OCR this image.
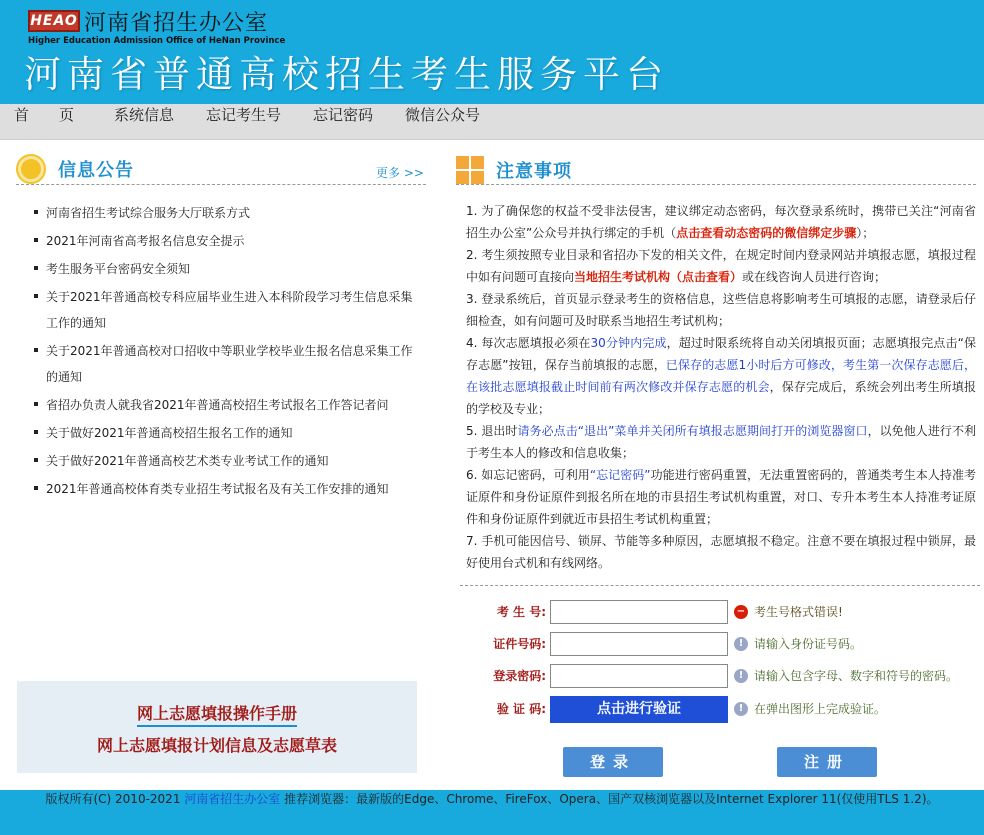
HEAO 河南省招生办公室
Higher Education Admission Office of HeNan Province
河南省普通高校招生考生服务平台
首　　页	系统信息 忘记考生号 忘记密码 微信公众号
信息公告	更多 >>
河南省招生考试综合服务大厅联系方式
2021年河南省高考报名信息安全提示
考生服务平台密码安全须知
关于2021年普通高校专科应届毕业生进入本科阶段学习考生信息采集工作的通知
关于2021年普通高校对口招收中等职业学校毕业生报名信息采集工作的通知
省招办负责人就我省2021年普通高校招生考试报名工作答记者问
关于做好2021年普通高校招生报名工作的通知
关于做好2021年普通高校艺术类专业考试工作的通知
2021年普通高校体育类专业招生考试报名及有关工作安排的通知
网上志愿填报操作手册
网上志愿填报计划信息及志愿草表
注意事项
1. 为了确保您的权益不受非法侵害，建议绑定动态密码，每次登录系统时，携带已关注“河南省招生办公室”公众号并执行绑定的手机（点击查看动态密码的微信绑定步骤）；
2. 考生须按照专业目录和省招办下发的相关文件，在规定时间内登录网站并填报志愿，填报过程中如有问题可直接向当地招生考试机构（点击查看）或在线咨询人员进行咨询；
3. 登录系统后，首页显示登录考生的资格信息，这些信息将影响考生可填报的志愿，请登录后仔细检查，如有问题可及时联系当地招生考试机构；
4. 每次志愿填报必须在30分钟内完成，超过时限系统将自动关闭填报页面；志愿填报完点击“保存志愿”按钮，保存当前填报的志愿，已保存的志愿1小时后方可修改，考生第一次保存志愿后，在该批志愿填报截止时间前有两次修改并保存志愿的机会，保存完成后，系统会列出考生所填报的学校及专业；
5. 退出时请务必点击“退出”菜单并关闭所有填报志愿期间打开的浏览器窗口，以免他人进行不利于考生本人的修改和信息收集；
6. 如忘记密码，可利用“忘记密码”功能进行密码重置，无法重置密码的，普通类考生本人持准考证原件和身份证原件到报名所在地的市县招生考试机构重置，对口、专升本考生本人持准考证原件和身份证原件到就近市县招生考试机构重置；
7. 手机可能因信号、锁屏、节能等多种原因，志愿填报不稳定。注意不要在填报过程中锁屏，最好使用台式机和有线网络。
考 生 号:	− 考生号格式错误!
证件号码:	! 请输入身份证号码。
登录密码:	! 请输入包含字母、数字和符号的密码。
验 证 码:	点击进行验证	! 在弹出图形上完成验证。
登录	注册
版权所有(C) 2010-2021 河南省招生办公室 推荐浏览器：最新版的Edge、Chrome、FireFox、Opera、国产双核浏览器以及Internet Explorer 11(仅使用TLS 1.2)。
